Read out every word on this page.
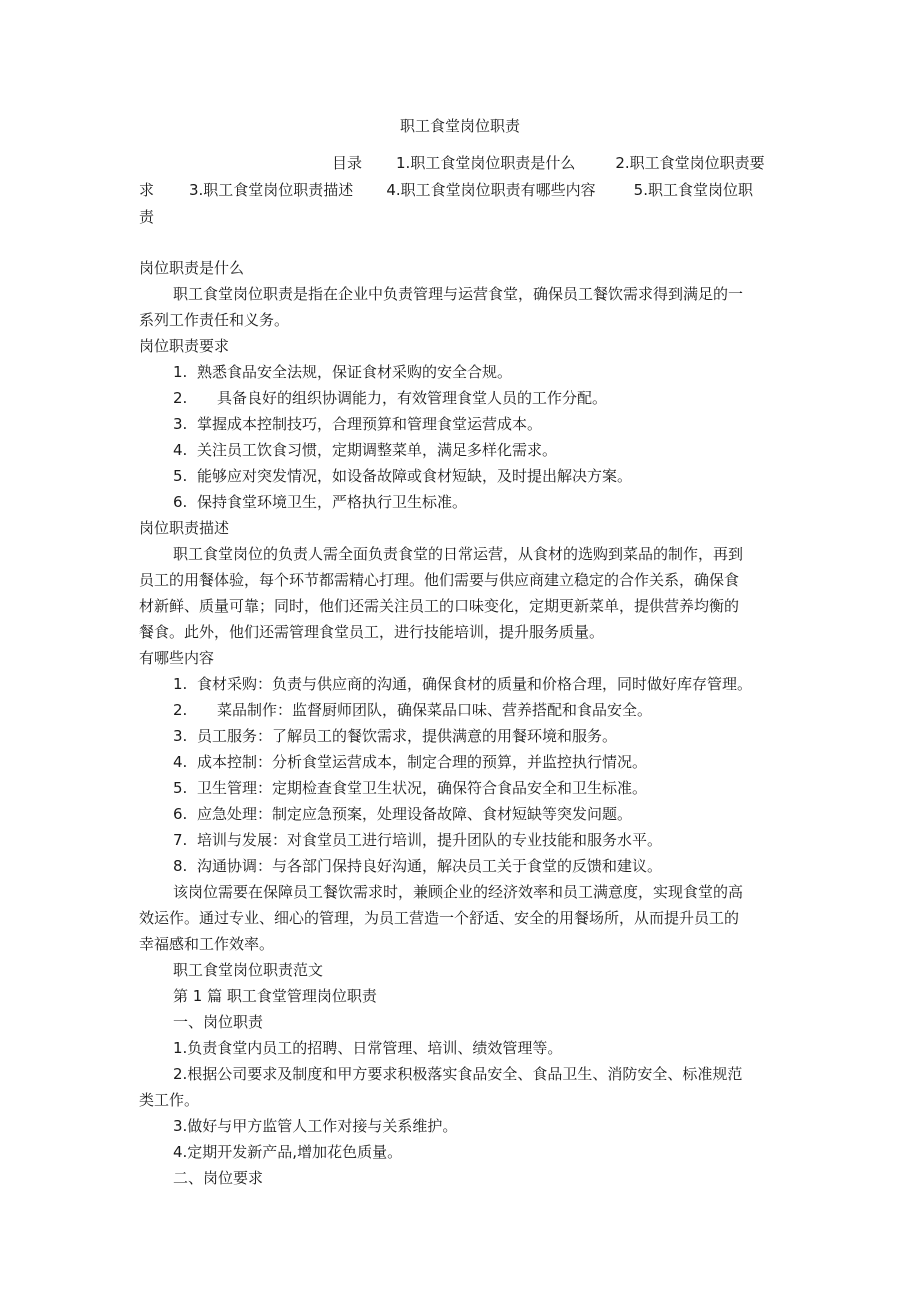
职工食堂岗位职责
目录 1.职工食堂岗位职责是什么	2.职工食堂岗位职责要
求 3.职工食堂岗位职责描述 4.职工食堂岗位职责有哪些内容	5.职工食堂岗位职
责
岗位职责是什么
职工食堂岗位职责是指在企业中负责管理与运营食堂，确保员工餐饮需求得到满足的一
系列工作责任和义务。
岗位职责要求
1. 熟悉食品安全法规，保证食材采购的安全合规。
2. 具备良好的组织协调能力，有效管理食堂人员的工作分配。
3. 掌握成本控制技巧，合理预算和管理食堂运营成本。
4. 关注员工饮食习惯，定期调整菜单，满足多样化需求。
5. 能够应对突发情况，如设备故障或食材短缺，及时提出解决方案。
6. 保持食堂环境卫生，严格执行卫生标准。
岗位职责描述
职工食堂岗位的负责人需全面负责食堂的日常运营，从食材的选购到菜品的制作，再到
员工的用餐体验，每个环节都需精心打理。他们需要与供应商建立稳定的合作关系，确保食
材新鲜、质量可靠；同时，他们还需关注员工的口味变化，定期更新菜单，提供营养均衡的
餐食。此外，他们还需管理食堂员工，进行技能培训，提升服务质量。
有哪些内容
1. 食材采购：负责与供应商的沟通，确保食材的质量和价格合理，同时做好库存管理。
2. 菜品制作：监督厨师团队，确保菜品口味、营养搭配和食品安全。
3. 员工服务：了解员工的餐饮需求，提供满意的用餐环境和服务。
4. 成本控制：分析食堂运营成本，制定合理的预算，并监控执行情况。
5. 卫生管理：定期检查食堂卫生状况，确保符合食品安全和卫生标准。
6. 应急处理：制定应急预案，处理设备故障、食材短缺等突发问题。
7. 培训与发展：对食堂员工进行培训，提升团队的专业技能和服务水平。
8. 沟通协调：与各部门保持良好沟通，解决员工关于食堂的反馈和建议。
该岗位需要在保障员工餐饮需求时，兼顾企业的经济效率和员工满意度，实现食堂的高
效运作。通过专业、细心的管理，为员工营造一个舒适、安全的用餐场所，从而提升员工的
幸福感和工作效率。
职工食堂岗位职责范文
第 1 篇 职工食堂管理岗位职责
一、岗位职责
1.负责食堂内员工的招聘、日常管理、培训、绩效管理等。
2.根据公司要求及制度和甲方要求积极落实食品安全、食品卫生、消防安全、标准规范
类工作。
3.做好与甲方监管人工作对接与关系维护。
4.定期开发新产品,增加花色质量。
二、岗位要求
